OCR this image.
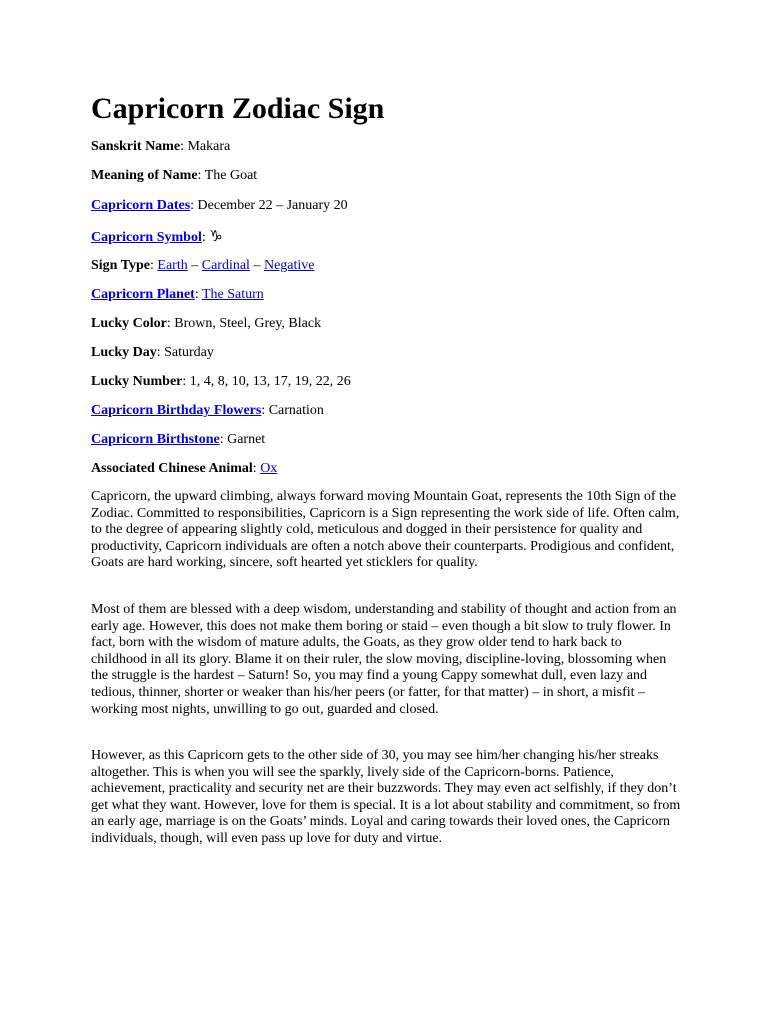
Capricorn Zodiac Sign

Sanskrit Name: Makara

Meaning of Name: The Goat

Capricorn Dates: December 22 – January 20

Capricorn Symbol: ♑

Sign Type: Earth – Cardinal – Negative

Capricorn Planet: The Saturn

Lucky Color: Brown, Steel, Grey, Black

Lucky Day: Saturday

Lucky Number: 1, 4, 8, 10, 13, 17, 19, 22, 26

Capricorn Birthday Flowers: Carnation

Capricorn Birthstone: Garnet

Associated Chinese Animal: Ox

Capricorn, the upward climbing, always forward moving Mountain Goat, represents the 10th Sign of the Zodiac. Committed to responsibilities, Capricorn is a Sign representing the work side of life. Often calm, to the degree of appearing slightly cold, meticulous and dogged in their persistence for quality and productivity, Capricorn individuals are often a notch above their counterparts. Prodigious and confident, Goats are hard working, sincere, soft hearted yet sticklers for quality.

Most of them are blessed with a deep wisdom, understanding and stability of thought and action from an early age. However, this does not make them boring or staid – even though a bit slow to truly flower. In fact, born with the wisdom of mature adults, the Goats, as they grow older tend to hark back to childhood in all its glory. Blame it on their ruler, the slow moving, discipline-loving, blossoming when the struggle is the hardest – Saturn! So, you may find a young Cappy somewhat dull, even lazy and tedious, thinner, shorter or weaker than his/her peers (or fatter, for that matter) – in short, a misfit – working most nights, unwilling to go out, guarded and closed.

However, as this Capricorn gets to the other side of 30, you may see him/her changing his/her streaks altogether. This is when you will see the sparkly, lively side of the Capricorn-borns. Patience, achievement, practicality and security net are their buzzwords. They may even act selfishly, if they don’t get what they want. However, love for them is special. It is a lot about stability and commitment, so from an early age, marriage is on the Goats’ minds. Loyal and caring towards their loved ones, the Capricorn individuals, though, will even pass up love for duty and virtue.
